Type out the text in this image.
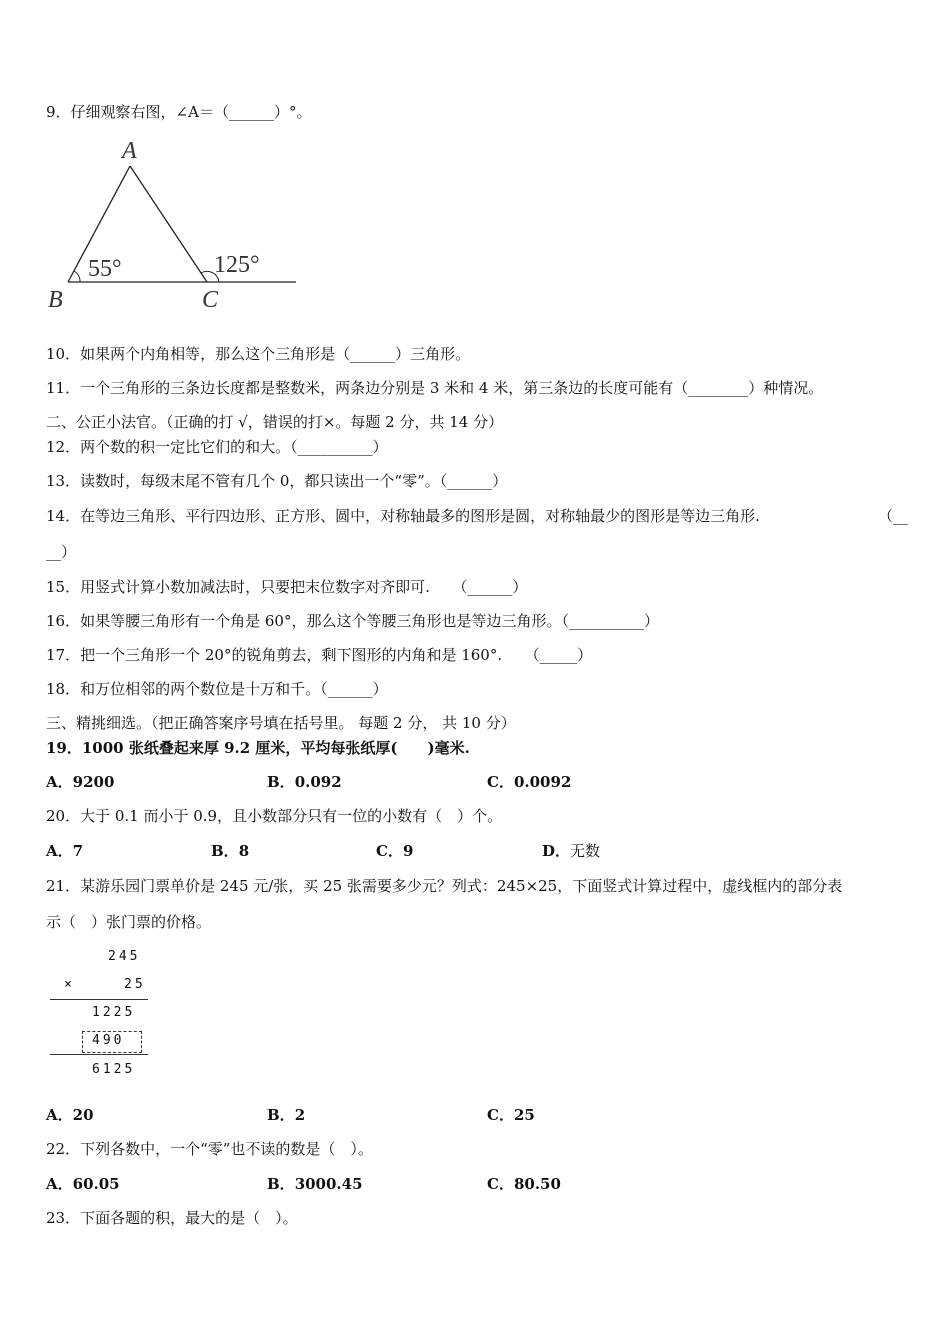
9．仔细观察右图，∠A＝（______）°。
A
B	C
55°	125°
10．如果两个内角相等，那么这个三角形是（______）三角形。
11．一个三角形的三条边长度都是整数米，两条边分别是 3 米和 4 米，第三条边的长度可能有（________）种情况。
二、公正小法官。（正确的打 √，错误的打×。每题 2 分，共 14 分）
12．两个数的积一定比它们的和大。（__________）
13．读数时，每级末尾不管有几个 0，都只读出一个“零”。（______）
14．在等边三角形、平行四边形、正方形、圆中，对称轴最多的图形是圆，对称轴最少的图形是等边三角形.	（__
__）
15．用竖式计算小数加减法时，只要把末位数字对齐即可.　　（______）
16．如果等腰三角形有一个角是 60°，那么这个等腰三角形也是等边三角形。（__________）
17．把一个三角形一个 20°的锐角剪去，剩下图形的内角和是 160°.　　（_____）
18．和万位相邻的两个数位是十万和千。（______）
三、精挑细选。（把正确答案序号填在括号里。 每题 2 分， 共 10 分）
19．1000 张纸叠起来厚 9.2 厘米，平均每张纸厚(　　)毫米.
A．9200	B．0.092	C．0.0092
20．大于 0.1 而小于 0.9，且小数部分只有一位的小数有（　）个。
A．7	B．8	C．9	D．无数
21．某游乐园门票单价是 245 元/张，买 25 张需要多少元？列式：245×25，下面竖式计算过程中，虚线框内的部分表
示（　）张门票的价格。
245
×	25
1225
490
6125
A．20	B．2	C．25
22．下列各数中，一个“零”也不读的数是（　）。
A．60.05	B．3000.45	C．80.50
23．下面各题的积，最大的是（　）。
